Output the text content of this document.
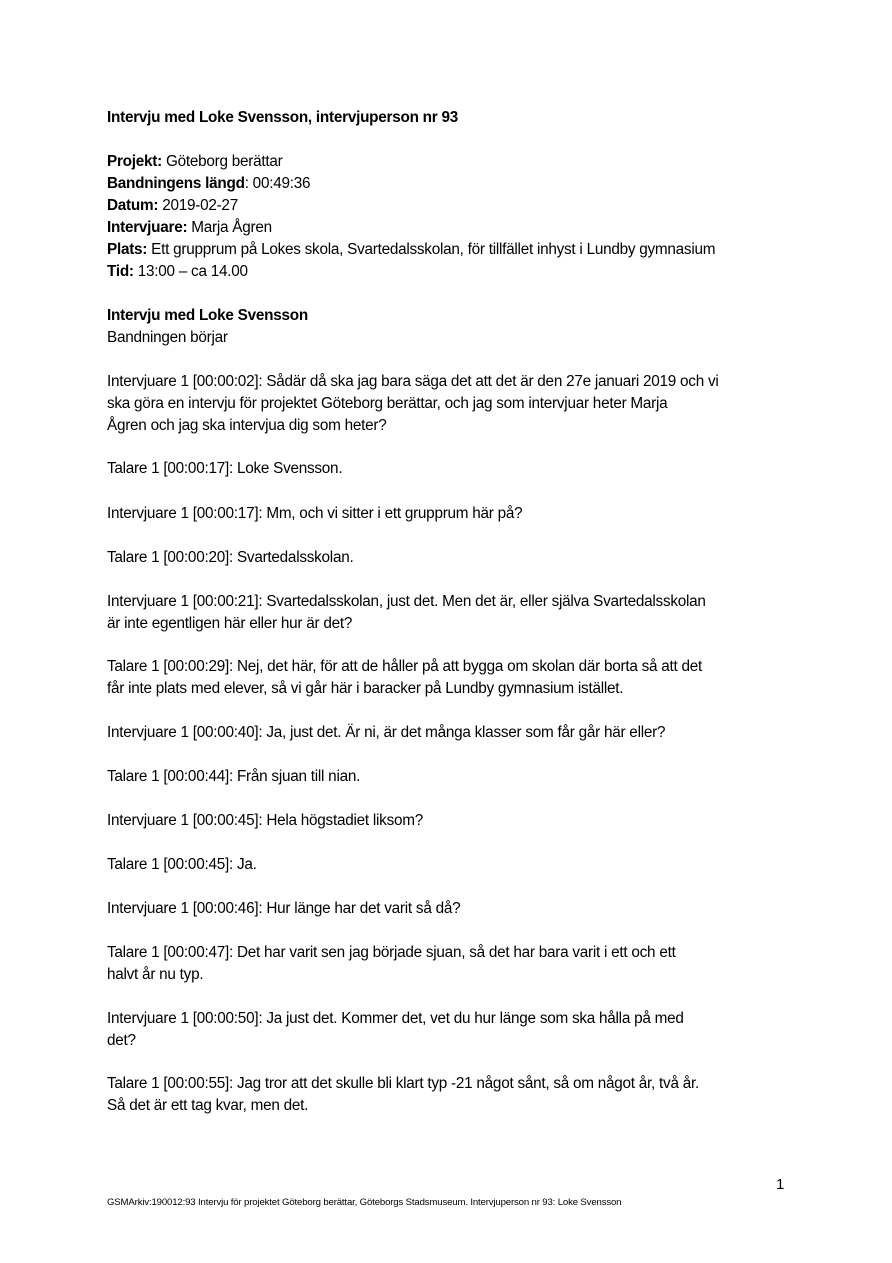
Intervju med Loke Svensson, intervjuperson nr 93
Projekt: Göteborg berättar
Bandningens längd: 00:49:36
Datum: 2019-02-27
Intervjuare: Marja Ågren
Plats: Ett grupprum på Lokes skola, Svartedalsskolan, för tillfället inhyst i Lundby gymnasium
Tid: 13:00 – ca 14.00
Intervju med Loke Svensson
Bandningen börjar
Intervjuare 1 [00:00:02]: Sådär då ska jag bara säga det att det är den 27e januari 2019 och vi
ska göra en intervju för projektet Göteborg berättar, och jag som intervjuar heter Marja
Ågren och jag ska intervjua dig som heter?
Talare 1 [00:00:17]: Loke Svensson.
Intervjuare 1 [00:00:17]: Mm, och vi sitter i ett grupprum här på?
Talare 1 [00:00:20]: Svartedalsskolan.
Intervjuare 1 [00:00:21]: Svartedalsskolan, just det. Men det är, eller själva Svartedalsskolan
är inte egentligen här eller hur är det?
Talare 1 [00:00:29]: Nej, det här, för att de håller på att bygga om skolan där borta så att det
får inte plats med elever, så vi går här i baracker på Lundby gymnasium istället.
Intervjuare 1 [00:00:40]: Ja, just det. Är ni, är det många klasser som får går här eller?
Talare 1 [00:00:44]: Från sjuan till nian.
Intervjuare 1 [00:00:45]: Hela högstadiet liksom?
Talare 1 [00:00:45]: Ja.
Intervjuare 1 [00:00:46]: Hur länge har det varit så då?
Talare 1 [00:00:47]: Det har varit sen jag började sjuan, så det har bara varit i ett och ett
halvt år nu typ.
Intervjuare 1 [00:00:50]: Ja just det. Kommer det, vet du hur länge som ska hålla på med
det?
Talare 1 [00:00:55]: Jag tror att det skulle bli klart typ -21 något sånt, så om något år, två år.
Så det är ett tag kvar, men det.
1
GSMArkiv:190012:93 Intervju för projektet Göteborg berättar, Göteborgs Stadsmuseum. Intervjuperson nr 93: Loke Svensson
